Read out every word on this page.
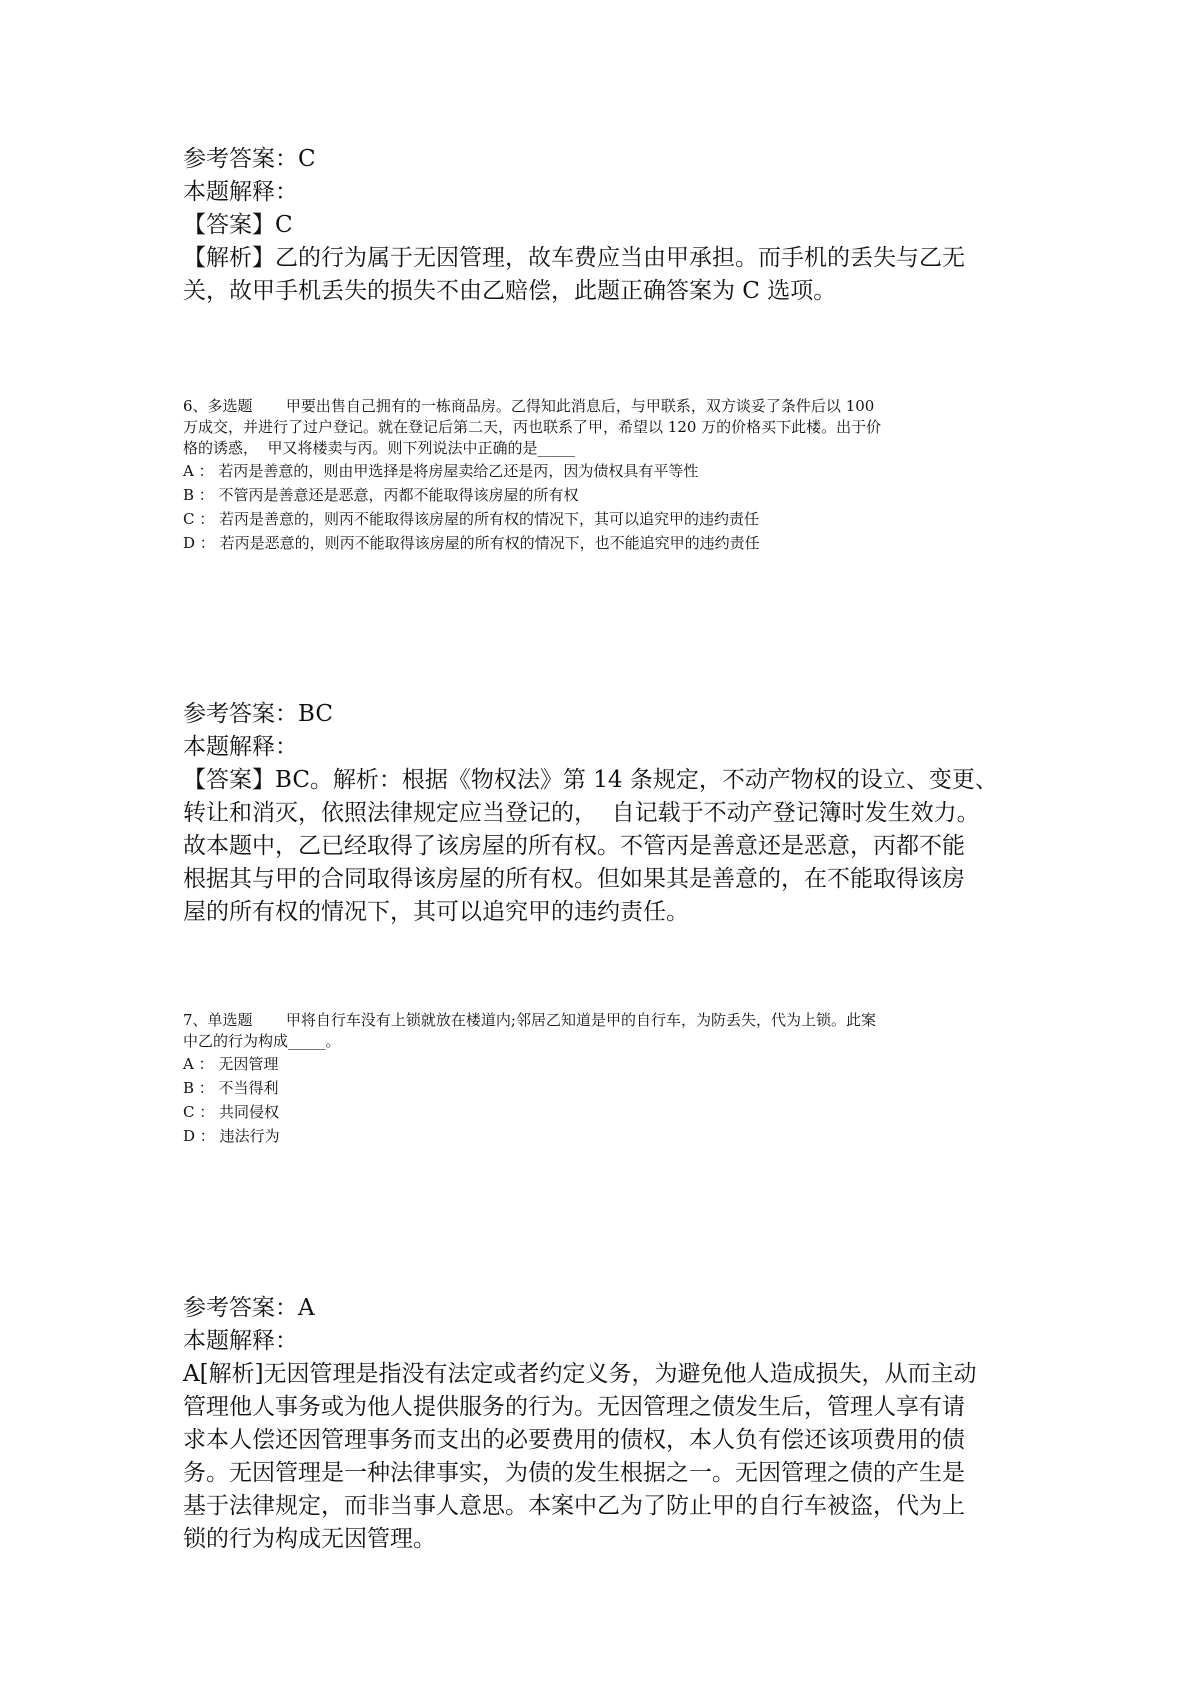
参考答案：C

本题解释：

【答案】C

【解析】乙的行为属于无因管理，故车费应当由甲承担。而手机的丢失与乙无

关，故甲手机丢失的损失不由乙赔偿，此题正确答案为 C 选项。

6、多选题       甲要出售自己拥有的一栋商品房。乙得知此消息后，与甲联系，双方谈妥了条件后以 100

万成交，并进行了过户登记。就在登记后第二天，丙也联系了甲，希望以 120 万的价格买下此楼。出于价

格的诱惑，  甲又将楼卖与丙。则下列说法中正确的是_____

A ： 若丙是善意的，则由甲选择是将房屋卖给乙还是丙，因为债权具有平等性

B ： 不管丙是善意还是恶意，丙都不能取得该房屋的所有权

C ： 若丙是善意的，则丙不能取得该房屋的所有权的情况下，其可以追究甲的违约责任

D ： 若丙是恶意的，则丙不能取得该房屋的所有权的情况下，也不能追究甲的违约责任

参考答案：BC

本题解释：

【答案】BC。解析：根据《物权法》第 14 条规定，不动产物权的设立、变更、

转让和消灭，依照法律规定应当登记的，  自记载于不动产登记簿时发生效力。

故本题中，乙已经取得了该房屋的所有权。不管丙是善意还是恶意，丙都不能

根据其与甲的合同取得该房屋的所有权。但如果其是善意的，在不能取得该房

屋的所有权的情况下，其可以追究甲的违约责任。

7、单选题       甲将自行车没有上锁就放在楼道内;邻居乙知道是甲的自行车，为防丢失，代为上锁。此案

中乙的行为构成_____。

A ： 无因管理

B ： 不当得利

C ： 共同侵权

D ： 违法行为

参考答案：A

本题解释：

A[解析]无因管理是指没有法定或者约定义务，为避免他人造成损失，从而主动

管理他人事务或为他人提供服务的行为。无因管理之债发生后，管理人享有请

求本人偿还因管理事务而支出的必要费用的债权，本人负有偿还该项费用的债

务。无因管理是一种法律事实，为债的发生根据之一。无因管理之债的产生是

基于法律规定，而非当事人意思。本案中乙为了防止甲的自行车被盗，代为上

锁的行为构成无因管理。
